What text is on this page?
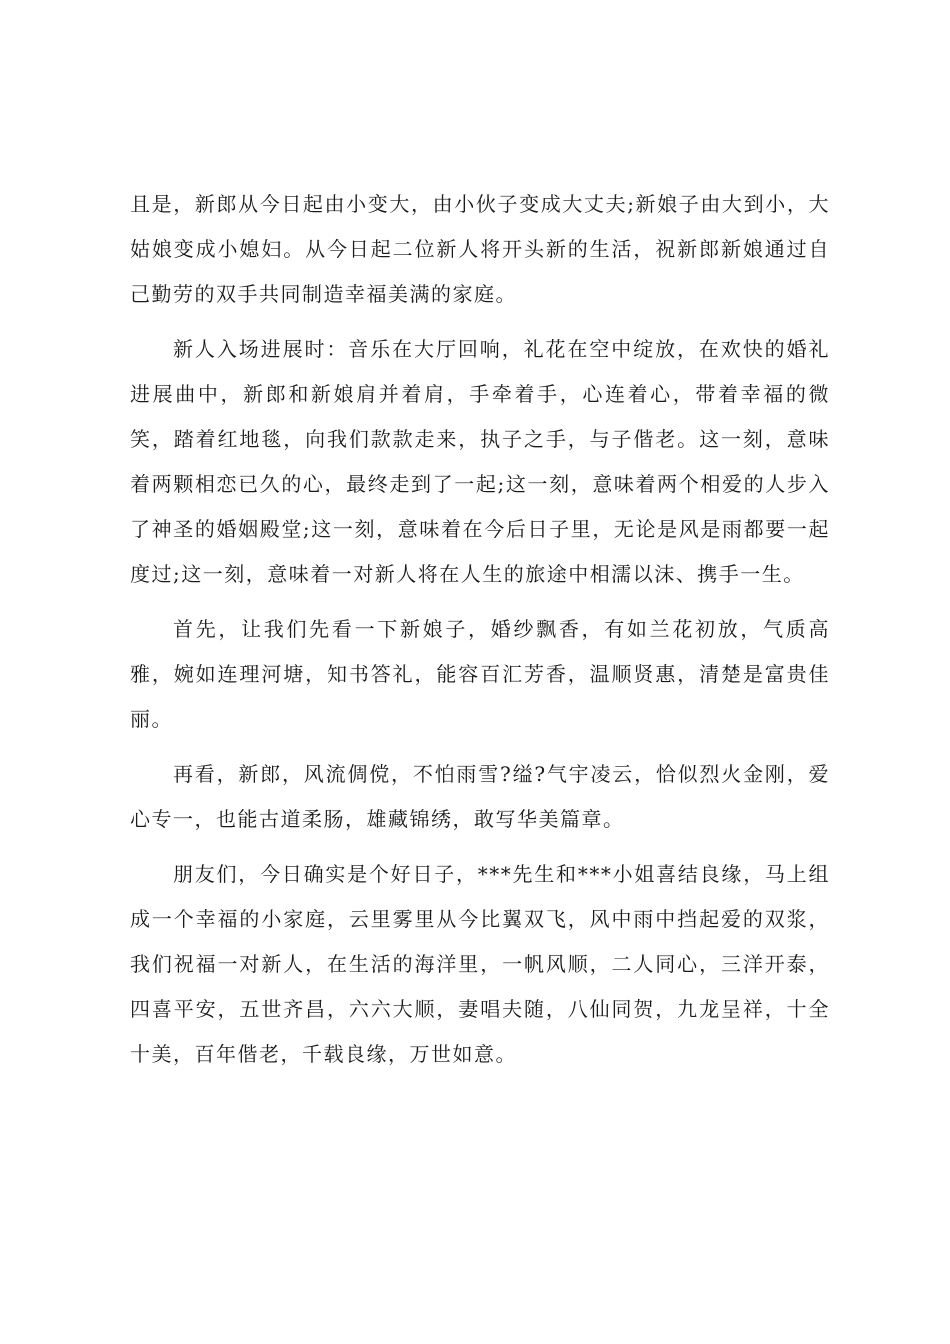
且是，新郎从今日起由小变大，由小伙子变成大丈夫;新娘子由大到小，大姑娘变成小媳妇。从今日起二位新人将开头新的生活，祝新郎新娘通过自己勤劳的双手共同制造幸福美满的家庭。

新人入场进展时：音乐在大厅回响，礼花在空中绽放，在欢快的婚礼进展曲中，新郎和新娘肩并着肩，手牵着手，心连着心，带着幸福的微笑，踏着红地毯，向我们款款走来，执子之手，与子偕老。这一刻，意味着两颗相恋已久的心，最终走到了一起;这一刻，意味着两个相爱的人步入了神圣的婚姻殿堂;这一刻，意味着在今后日子里，无论是风是雨都要一起度过;这一刻，意味着一对新人将在人生的旅途中相濡以沫、携手一生。

首先，让我们先看一下新娘子，婚纱飘香，有如兰花初放，气质高雅，婉如连理河塘，知书答礼，能容百汇芳香，温顺贤惠，清楚是富贵佳丽。

再看，新郎，风流倜傥，不怕雨雪?缢?气宇凌云，恰似烈火金刚，爱心专一，也能古道柔肠，雄藏锦绣，敢写华美篇章。

朋友们，今日确实是个好日子，***先生和***小姐喜结良缘，马上组成一个幸福的小家庭，云里雾里从今比翼双飞，风中雨中挡起爱的双浆，我们祝福一对新人，在生活的海洋里，一帆风顺，二人同心，三洋开泰，四喜平安，五世齐昌，六六大顺，妻唱夫随，八仙同贺，九龙呈祥，十全十美，百年偕老，千载良缘，万世如意。
